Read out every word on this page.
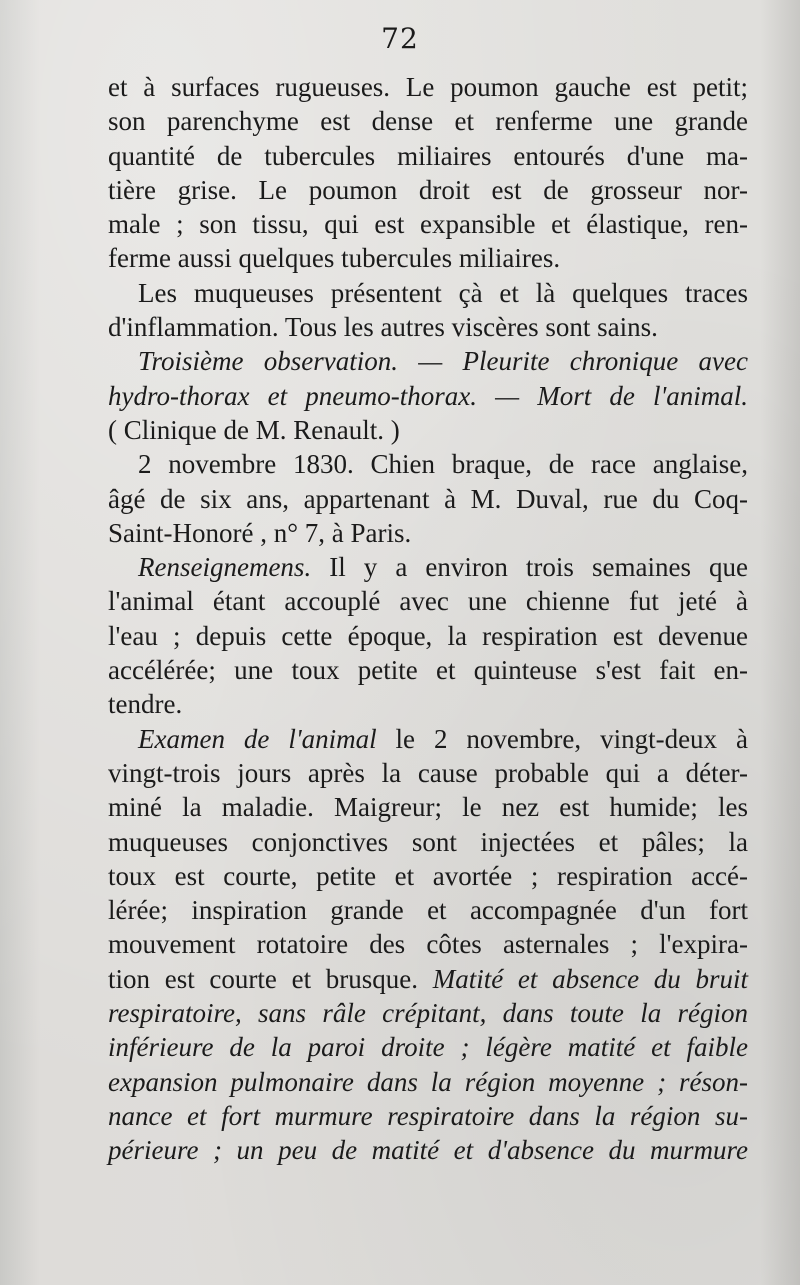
72
et à surfaces rugueuses. Le poumon gauche est petit;
son parenchyme est dense et renferme une grande
quantité de tubercules miliaires entourés d'une ma-
tière grise. Le poumon droit est de grosseur nor-
male ; son tissu, qui est expansible et élastique, ren-
ferme aussi quelques tubercules miliaires.
Les muqueuses présentent çà et là quelques traces
d'inflammation. Tous les autres viscères sont sains.
Troisième observation. — Pleurite chronique avec
hydro-thorax et pneumo-thorax. — Mort de l'animal.
( Clinique de M. Renault. )
2 novembre 1830. Chien braque, de race anglaise,
âgé de six ans, appartenant à M. Duval, rue du Coq-
Saint-Honoré , n° 7, à Paris.
Renseignemens. Il y a environ trois semaines que
l'animal étant accouplé avec une chienne fut jeté à
l'eau ; depuis cette époque, la respiration est devenue
accélérée; une toux petite et quinteuse s'est fait en-
tendre.
Examen de l'animal le 2 novembre, vingt-deux à
vingt-trois jours après la cause probable qui a déter-
miné la maladie. Maigreur; le nez est humide; les
muqueuses conjonctives sont injectées et pâles; la
toux est courte, petite et avortée ; respiration accé-
lérée; inspiration grande et accompagnée d'un fort
mouvement rotatoire des côtes asternales ; l'expira-
tion est courte et brusque. Matité et absence du bruit
respiratoire, sans râle crépitant, dans toute la région
inférieure de la paroi droite ; légère matité et faible
expansion pulmonaire dans la région moyenne ; réson-
nance et fort murmure respiratoire dans la région su-
périeure ; un peu de matité et d'absence du murmure
